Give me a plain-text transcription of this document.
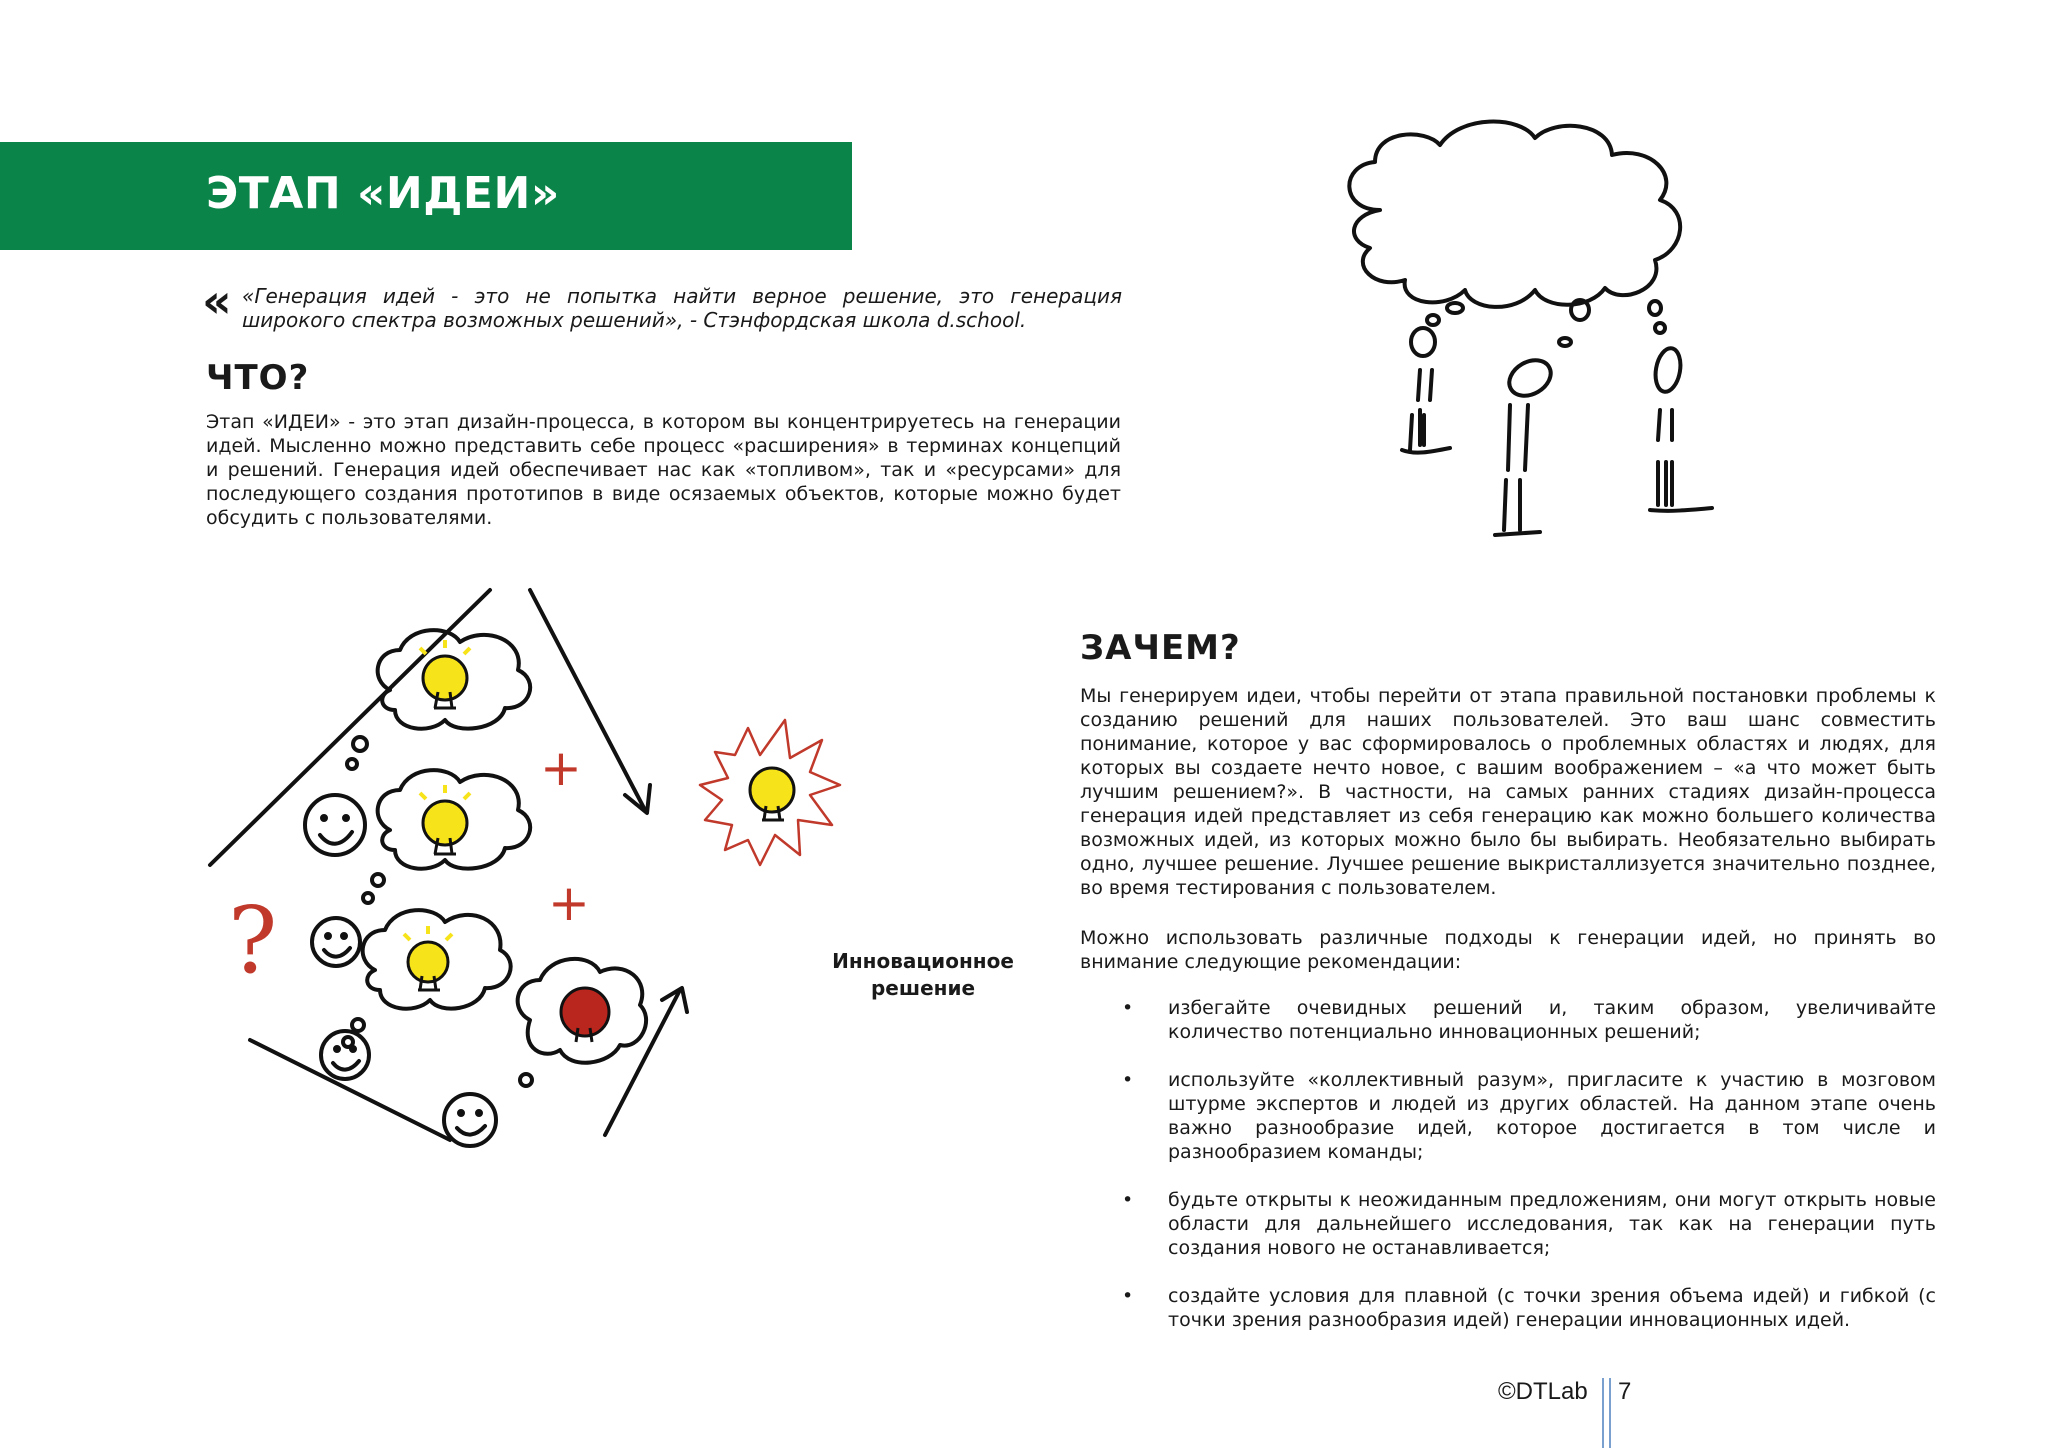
ЭТАП «ИДЕИ»
« «Генерация идей - это не попытка найти верное решение, это генерация широкого спектра возможных решений», - Стэнфордская школа d.school.

ЧТО?

Этап «ИДЕИ» - это этап дизайн-процесса, в котором вы концентрируетесь на генерации идей. Мысленно можно представить себе процесс «расширения» в терминах концепций и решений. Генерация идей обеспечивает нас как «топливом», так и «ресурсами» для последующего создания прототипов в виде осязаемых объектов, которые можно будет обсудить с пользователями.

ЗАЧЕМ?

Мы генерируем идеи, чтобы перейти от этапа правильной постановки проблемы к созданию решений для наших пользователей. Это ваш шанс совместить понимание, которое у вас сформировалось о проблемных областях и людях, для которых вы создаете нечто новое, с вашим воображением – «а что может быть лучшим решением?». В частности, на самых ранних стадиях дизайн-процесса генерация идей представляет из себя генерацию как можно большего количества возможных идей, из которых можно было бы выбирать. Необязательно выбирать одно, лучшее решение. Лучшее решение выкристаллизуется значительно позднее, во время тестирования с пользователем.

Можно использовать различные подходы к генерации идей, но принять во внимание следующие рекомендации:

• избегайте очевидных решений и, таким образом, увеличивайте количество потенциально инновационных решений;
• используйте «коллективный разум», пригласите к участию в мозговом штурме экспертов и людей из других областей. На данном этапе очень важно разнообразие идей, которое достигается в том числе и разнообразием команды;
• будьте открыты к неожиданным предложениям, они могут открыть новые области для дальнейшего исследования, так как на генерации путь создания нового не останавливается;
• создайте условия для плавной (с точки зрения объема идей) и гибкой (с точки зрения разнообразия идей) генерации инновационных идей.
?
+
+

Инновационное решение

©DTLab 7
